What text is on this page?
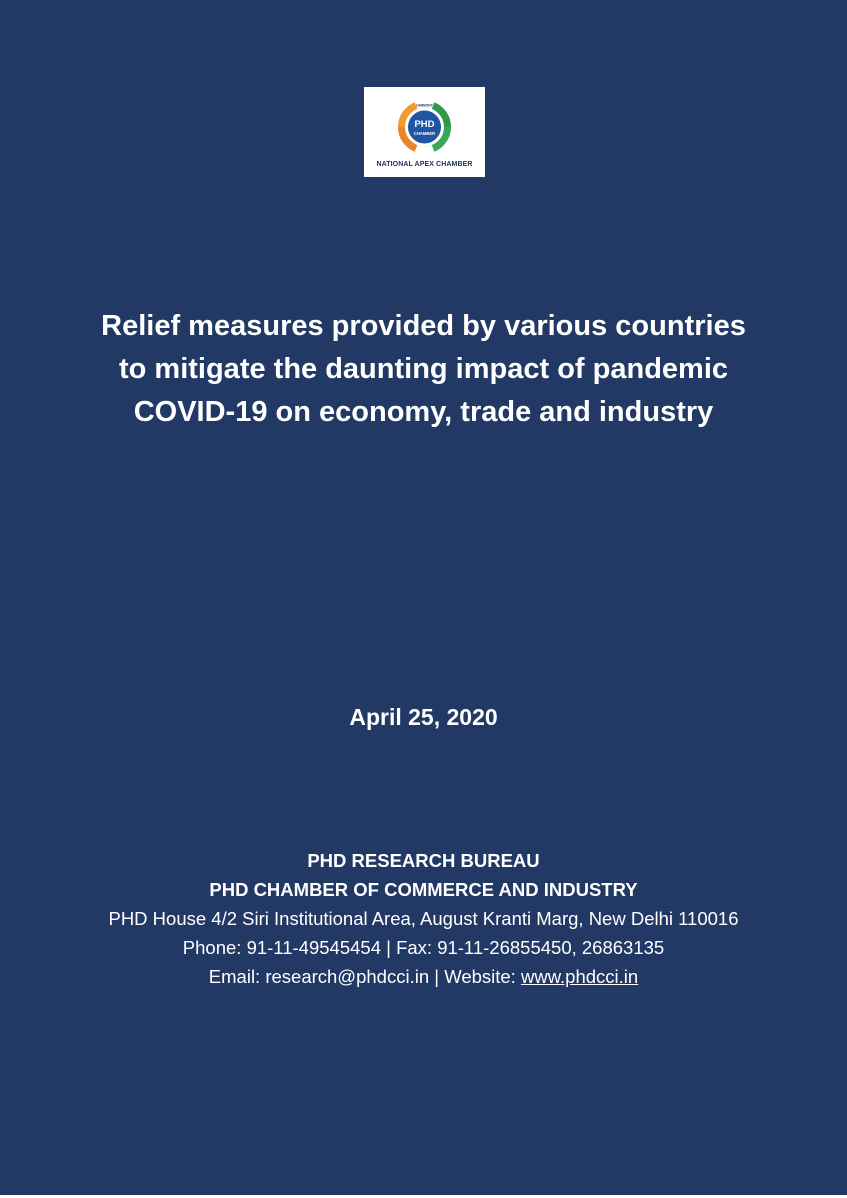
PHD
CHAMBER
HARMONY
NATIONAL APEX CHAMBER
Relief measures provided by various countries to mitigate the daunting impact of pandemic COVID-19 on economy, trade and industry
April 25, 2020
PHD RESEARCH BUREAU
PHD CHAMBER OF COMMERCE AND INDUSTRY
PHD House 4/2 Siri Institutional Area, August Kranti Marg, New Delhi 110016
Phone: 91-11-49545454 | Fax: 91-11-26855450, 26863135
Email: research@phdcci.in | Website: www.phdcci.in
